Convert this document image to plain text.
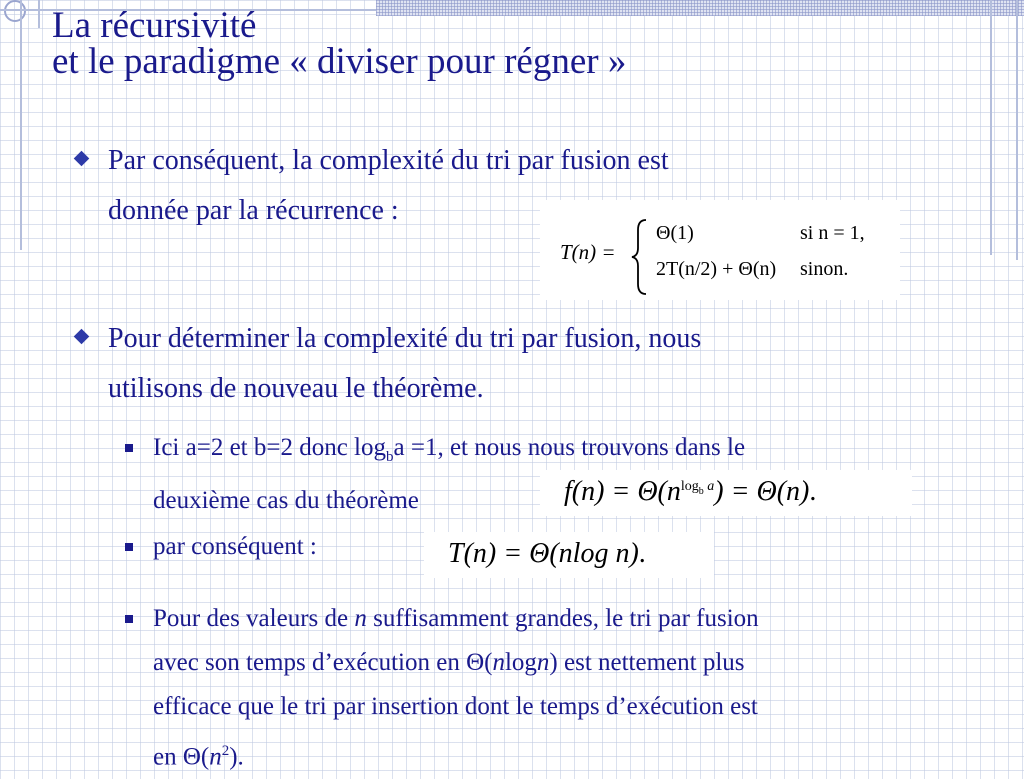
La récursivité
et le paradigme « diviser pour régner »
Par conséquent, la complexité du tri par fusion est
donnée par la récurrence :
T(n) =
Θ(1)	si n = 1,
2T(n/2) + Θ(n) sinon.
Pour déterminer la complexité du tri par fusion, nous
utilisons de nouveau le théorème.
Ici a=2 et b=2 donc $\log_ba =1$, et nous nous trouvons dans le
deuxième cas du théorème	$f(n) = \Theta(n^{log_b a}) = \Theta(n)$.
par conséquent :	T(n) = Θ(nlog n).
Pour des valeurs de n suffisamment grandes, le tri par fusion
avec son temps d’exécution en Θ(nlogn) est nettement plus
efficace que le tri par insertion dont le temps d’exécution est
en $\Theta(n^2)$.
